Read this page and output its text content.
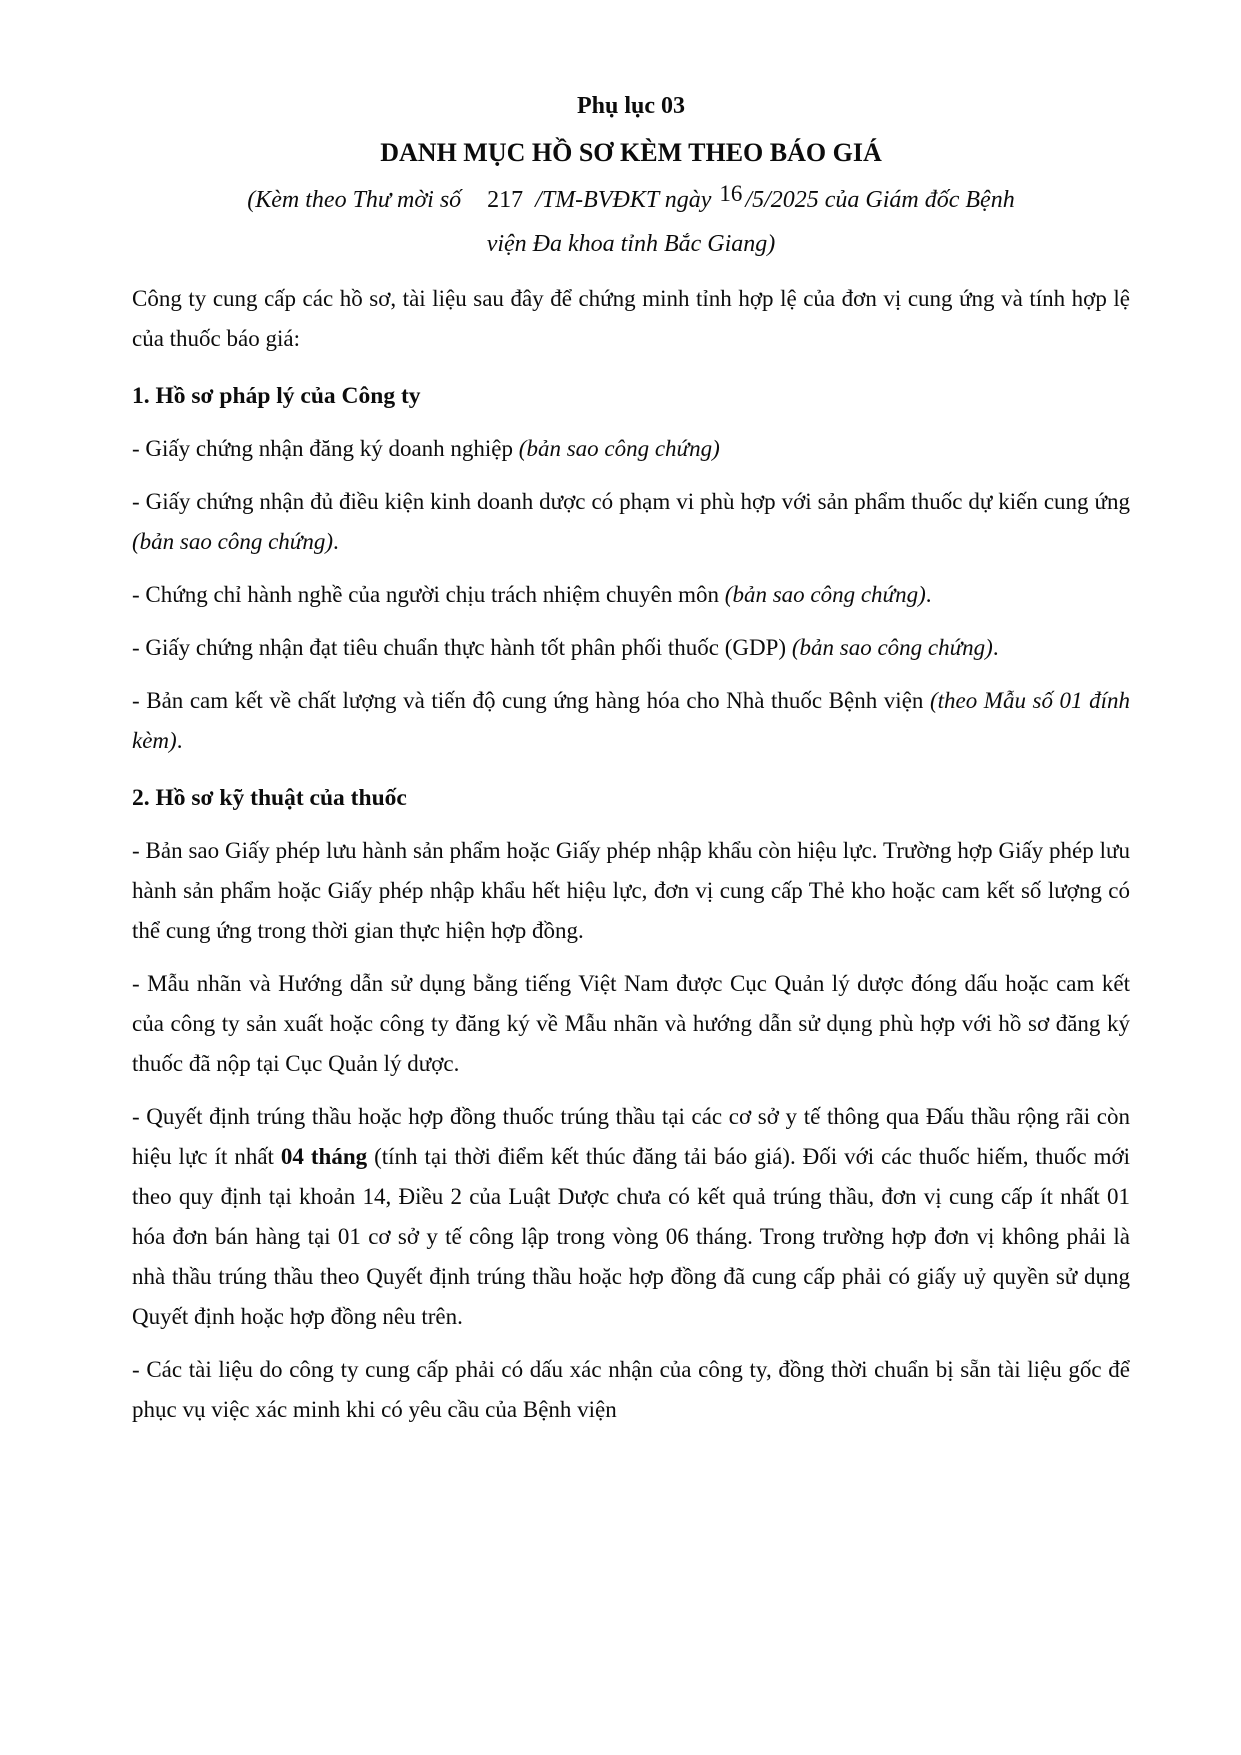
Phụ lục 03
DANH MỤC HỒ SƠ KÈM THEO BÁO GIÁ
(Kèm theo Thư mời số 217 /TM-BVĐKT ngày 16 /5/2025 của Giám đốc Bệnh
viện Đa khoa tỉnh Bắc Giang)

Công ty cung cấp các hồ sơ, tài liệu sau đây để chứng minh tỉnh hợp lệ của đơn vị cung ứng và tính hợp lệ của thuốc báo giá:

1. Hồ sơ pháp lý của Công ty

- Giấy chứng nhận đăng ký doanh nghiệp (bản sao công chứng)

- Giấy chứng nhận đủ điều kiện kinh doanh dược có phạm vi phù hợp với sản phẩm thuốc dự kiến cung ứng (bản sao công chứng).

- Chứng chỉ hành nghề của người chịu trách nhiệm chuyên môn (bản sao công chứng).

- Giấy chứng nhận đạt tiêu chuẩn thực hành tốt phân phối thuốc (GDP) (bản sao công chứng).

- Bản cam kết về chất lượng và tiến độ cung ứng hàng hóa cho Nhà thuốc Bệnh viện (theo Mẫu số 01 đính kèm).

2. Hồ sơ kỹ thuật của thuốc

- Bản sao Giấy phép lưu hành sản phẩm hoặc Giấy phép nhập khẩu còn hiệu lực. Trường hợp Giấy phép lưu hành sản phẩm hoặc Giấy phép nhập khẩu hết hiệu lực, đơn vị cung cấp Thẻ kho hoặc cam kết số lượng có thể cung ứng trong thời gian thực hiện hợp đồng.

- Mẫu nhãn và Hướng dẫn sử dụng bằng tiếng Việt Nam được Cục Quản lý dược đóng dấu hoặc cam kết của công ty sản xuất hoặc công ty đăng ký về Mẫu nhãn và hướng dẫn sử dụng phù hợp với hồ sơ đăng ký thuốc đã nộp tại Cục Quản lý dược.

- Quyết định trúng thầu hoặc hợp đồng thuốc trúng thầu tại các cơ sở y tế thông qua Đấu thầu rộng rãi còn hiệu lực ít nhất 04 tháng (tính tại thời điểm kết thúc đăng tải báo giá). Đối với các thuốc hiếm, thuốc mới theo quy định tại khoản 14, Điều 2 của Luật Dược chưa có kết quả trúng thầu, đơn vị cung cấp ít nhất 01 hóa đơn bán hàng tại 01 cơ sở y tế công lập trong vòng 06 tháng. Trong trường hợp đơn vị không phải là nhà thầu trúng thầu theo Quyết định trúng thầu hoặc hợp đồng đã cung cấp phải có giấy uỷ quyền sử dụng Quyết định hoặc hợp đồng nêu trên.

- Các tài liệu do công ty cung cấp phải có dấu xác nhận của công ty, đồng thời chuẩn bị sẵn tài liệu gốc để phục vụ việc xác minh khi có yêu cầu của Bệnh viện
